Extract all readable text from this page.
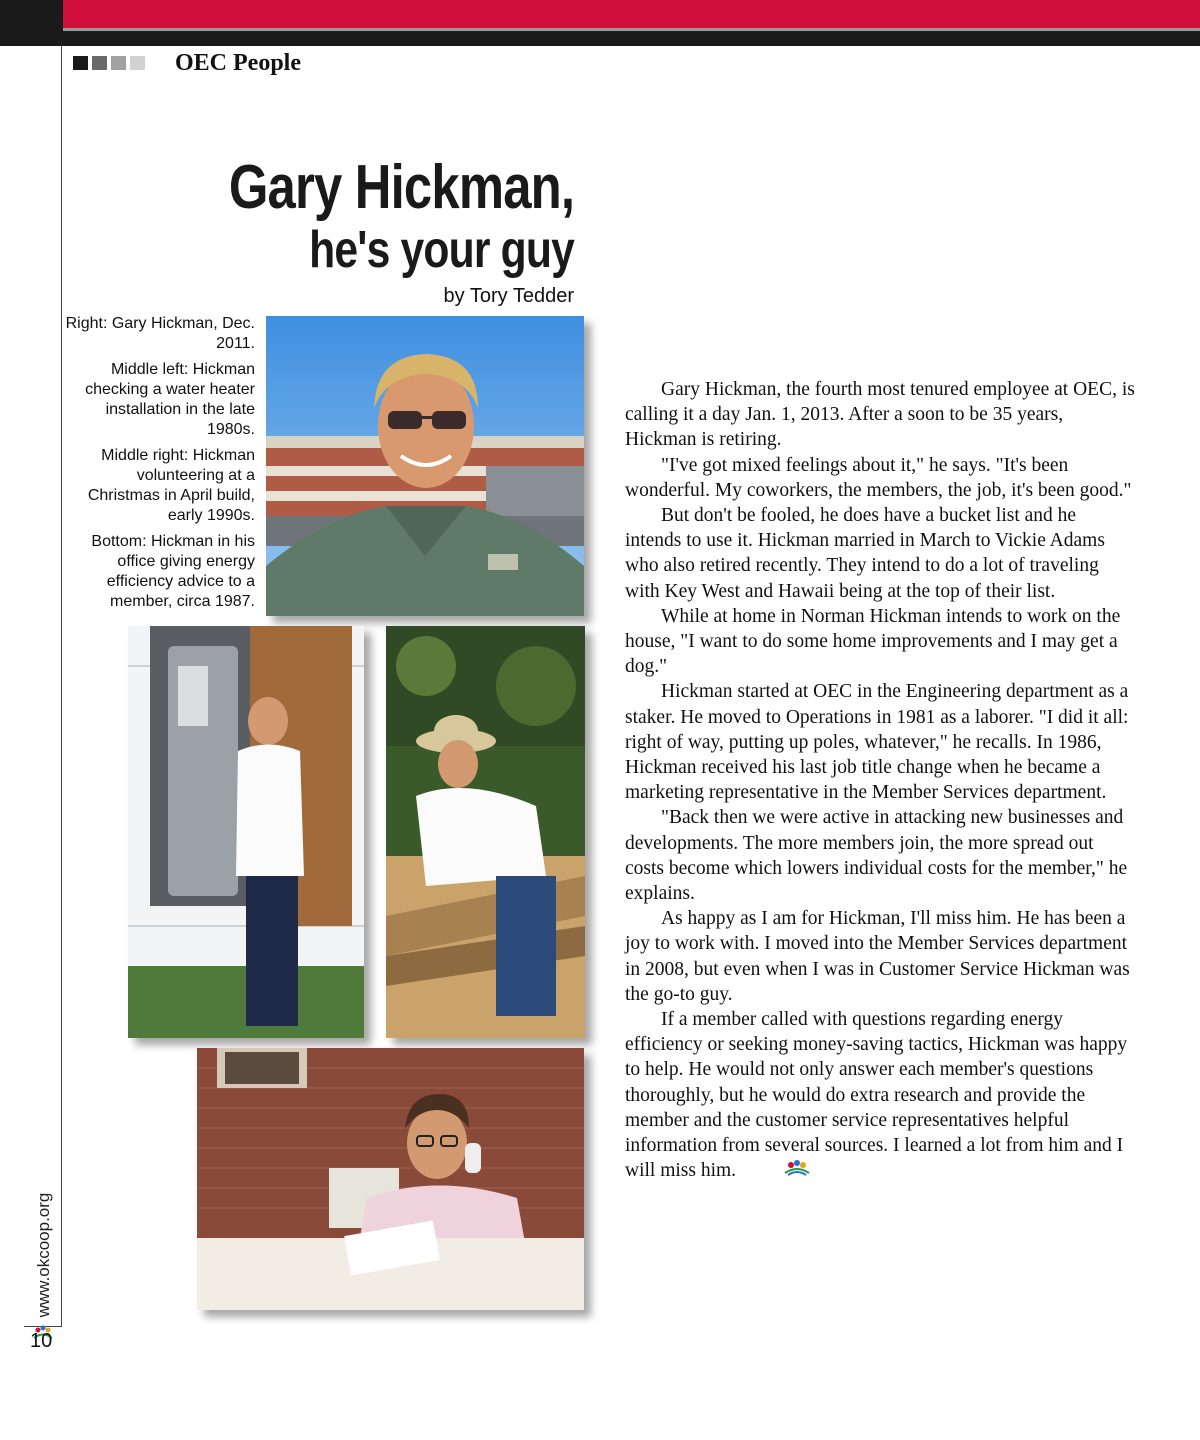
OEC People
Gary Hickman,
he's your guy
by Tory Tedder

Right: Gary Hickman, Dec. 2011.

Middle left: Hickman checking a water heater installation in the late 1980s.

Middle right: Hickman volunteering at a Christmas in April build, early 1990s.

Bottom: Hickman in his office giving energy efficiency advice to a member, circa 1987.

Gary Hickman, the fourth most tenured employee at OEC, is calling it a day Jan. 1, 2013. After a soon to be 35 years, Hickman is retiring.

"I've got mixed feelings about it," he says. "It's been wonderful. My coworkers, the members, the job, it's been good."

But don't be fooled, he does have a bucket list and he intends to use it. Hickman married in March to Vickie Adams who also retired recently. They intend to do a lot of traveling with Key West and Hawaii being at the top of their list.

While at home in Norman Hickman intends to work on the house, "I want to do some home improvements and I may get a dog."

Hickman started at OEC in the Engineering department as a staker. He moved to Operations in 1981 as a laborer. "I did it all: right of way, putting up poles, whatever," he recalls. In 1986, Hickman received his last job title change when he became a marketing representative in the Member Services department.

"Back then we were active in attacking new businesses and developments. The more members join, the more spread out costs become which lowers individual costs for the member," he explains.

As happy as I am for Hickman, I'll miss him. He has been a joy to work with. I moved into the Member Services department in 2008, but even when I was in Customer Service Hickman was the go-to guy.

If a member called with questions regarding energy efficiency or seeking money-saving tactics, Hickman was happy to help. He would not only answer each member's questions thoroughly, but he would do extra research and provide the member and the customer service representatives helpful information from several sources. I learned a lot from him and I will miss him.

www.okcoop.org
10
